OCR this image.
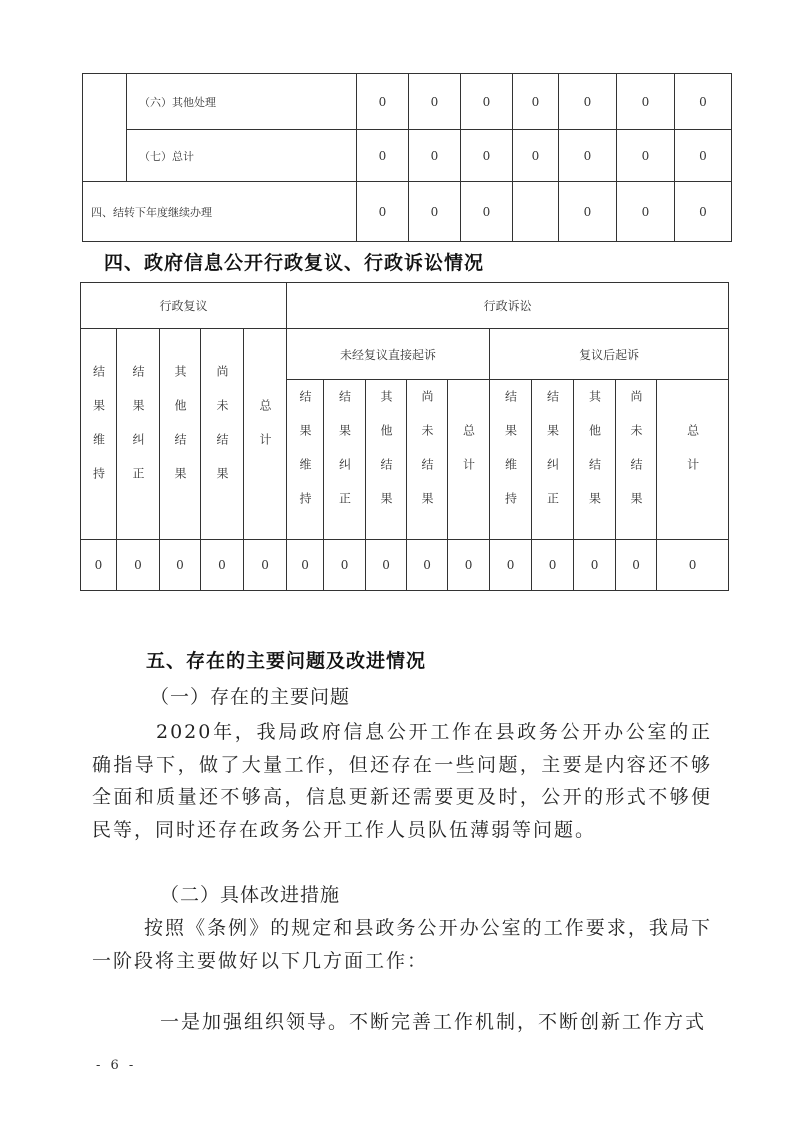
	（六）其他处理	0	0	0	0	0	0	0
	（七）总计	0	0	0	0	0	0	0
四、结转下年度继续办理		0	0	0		0	0	0
四、政府信息公开行政复议、行政诉讼情况
行政复议					行政诉讼									
结果维持	结果纠正	其他结果	尚未结果	总计	未经复议直接起诉					复议后起诉				
					结果维持	结果纠正	其他结果	尚未结果	总计	结果维持	结果纠正	其他结果	尚未结果	总计
0	0	0	0	0	0	0	0	0	0	0	0	0	0	0
五、存在的主要问题及改进情况
（一）存在的主要问题

2020年，我局政府信息公开工作在县政务公开办公室的正确指导下，做了大量工作，但还存在一些问题，主要是内容还不够全面和质量还不够高，信息更新还需要更及时，公开的形式不够便民等，同时还存在政务公开工作人员队伍薄弱等问题。

（二）具体改进措施

按照《条例》的规定和县政务公开办公室的工作要求，我局下一阶段将主要做好以下几方面工作：

一是加强组织领导。不断完善工作机制，不断创新工作方式

- 6 -
